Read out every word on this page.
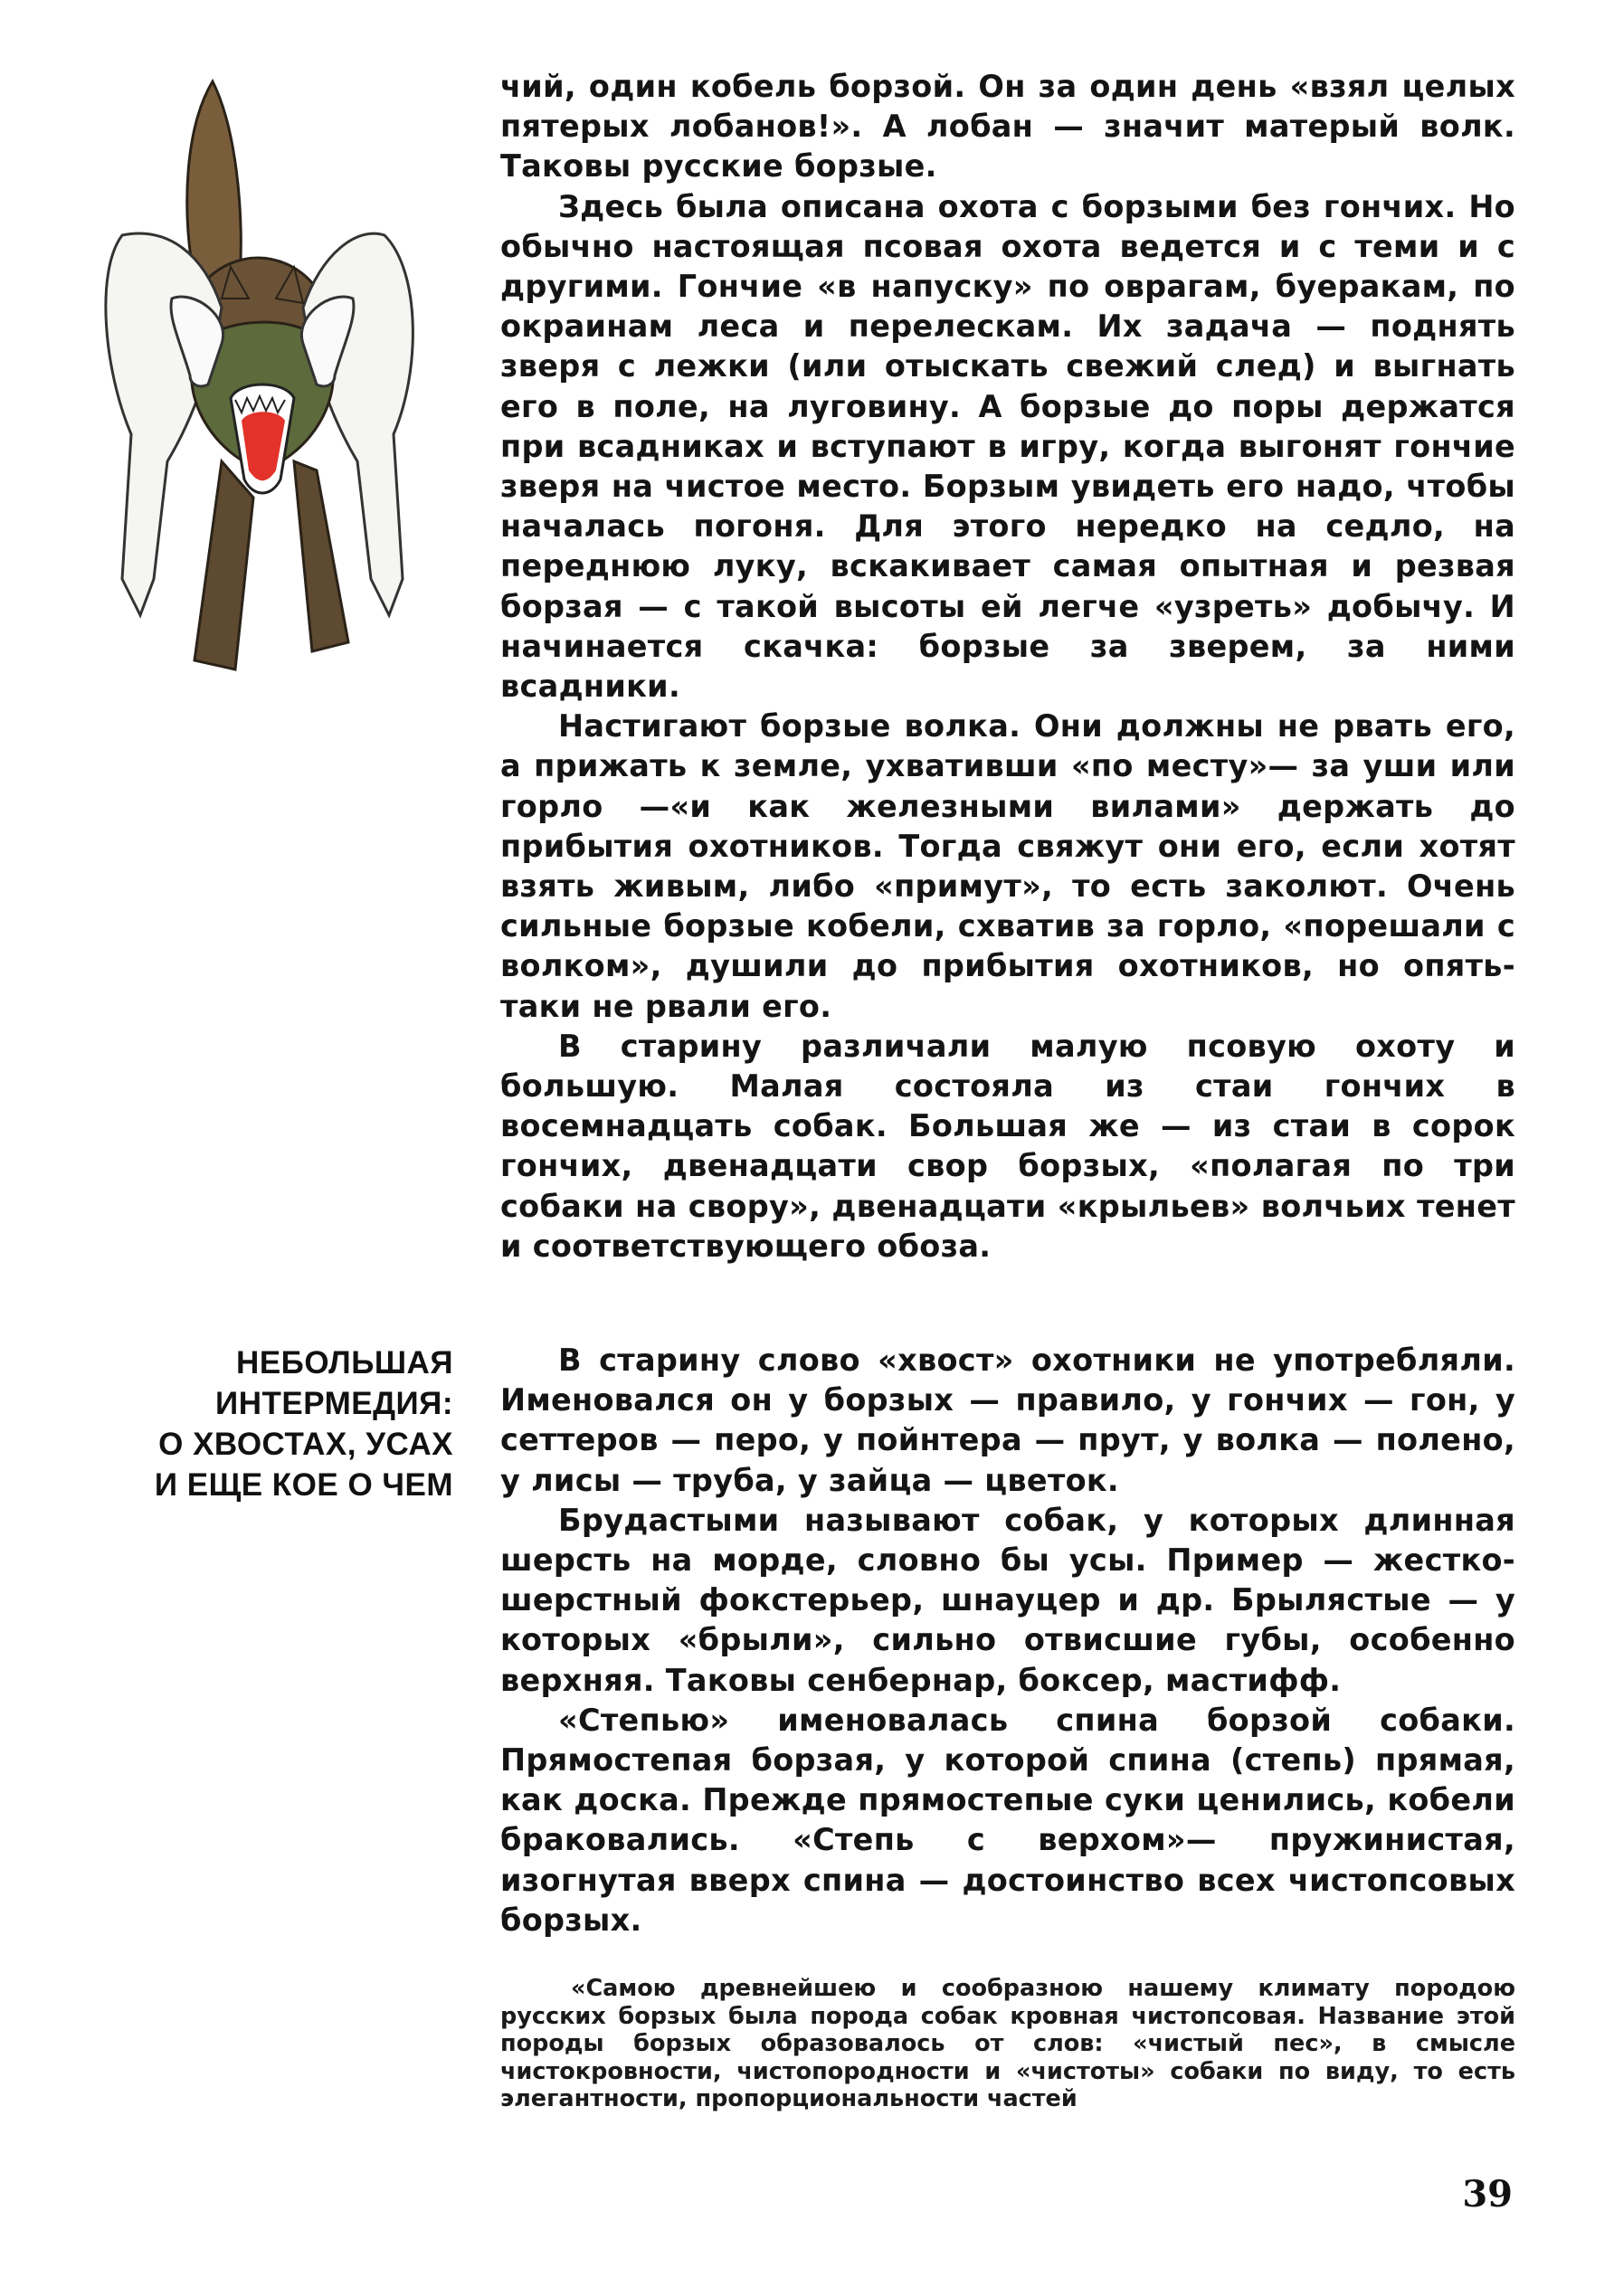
чий, один кобель борзой. Он за один день «взял целых пятерых лобанов!». А лобан — значит матерый волк. Таковы русские борзые.

Здесь была описана охота с борзыми без гончих. Но обычно настоящая псовая охота ведется и с теми и с другими. Гончие «в напуску» по оврагам, буеракам, по окраинам леса и перелескам. Их задача — поднять зверя с лежки (или отыскать свежий след) и выгнать его в поле, на луговину. А борзые до поры держатся при всадниках и вступают в игру, когда выгонят гончие зверя на чистое место. Борзым увидеть его надо, чтобы началась погоня. Для этого нередко на седло, на переднюю луку, вскакивает самая опытная и резвая борзая — с такой высоты ей легче «узреть» добычу. И начинается скачка: борзые за зверем, за ними всадники.

Настигают борзые волка. Они должны не рвать его, а прижать к земле, ухвативши «по месту»— за уши или горло —«и как железными вилами» держать до прибытия охотников. Тогда свяжут они его, если хотят взять живым, либо «примут», то есть заколют. Очень сильные борзые кобели, схватив за горло, «порешали с волком», душили до прибытия охотников, но опять-таки не рвали его.

В старину различали малую псовую охоту и большую. Малая состояла из стаи гончих в восемнадцать собак. Большая же — из стаи в сорок гончих, двенадцати свор борзых, «полагая по три собаки на свору», двенадцати «крыльев» волчьих тенет и соответствующего обоза.

НЕБОЛЬШАЯ
ИНТЕРМЕДИЯ:
О ХВОСТАХ, УСАХ
И ЕЩЕ КОЕ О ЧЕМ

В старину слово «хвост» охотники не употребляли. Именовался он у борзых — правило, у гончих — гон, у сеттеров — перо, у пойнтера — прут, у волка — полено, у лисы — труба, у зайца — цветок.

Брудастыми называют собак, у которых длинная шерсть на морде, словно бы усы. Пример — жестко-шерстный фокстерьер, шнауцер и др. Брылястые — у которых «брыли», сильно отвисшие губы, особенно верхняя. Таковы сенбернар, боксер, мастифф.

«Степью» именовалась спина борзой собаки. Прямостепая борзая, у которой спина (степь) прямая, как доска. Прежде прямостепые суки ценились, кобели браковались. «Степь с верхом»— пружинистая, изогнутая вверх спина — достоинство всех чистопсовых борзых.

«Самою древнейшею и сообразною нашему климату породою русских борзых была порода собак кровная чистопсовая. Название этой породы борзых образовалось от слов: «чистый пес», в смысле чистокровности, чистопородности и «чистоты» собаки по виду, то есть элегантности, пропорциональности частей
39
